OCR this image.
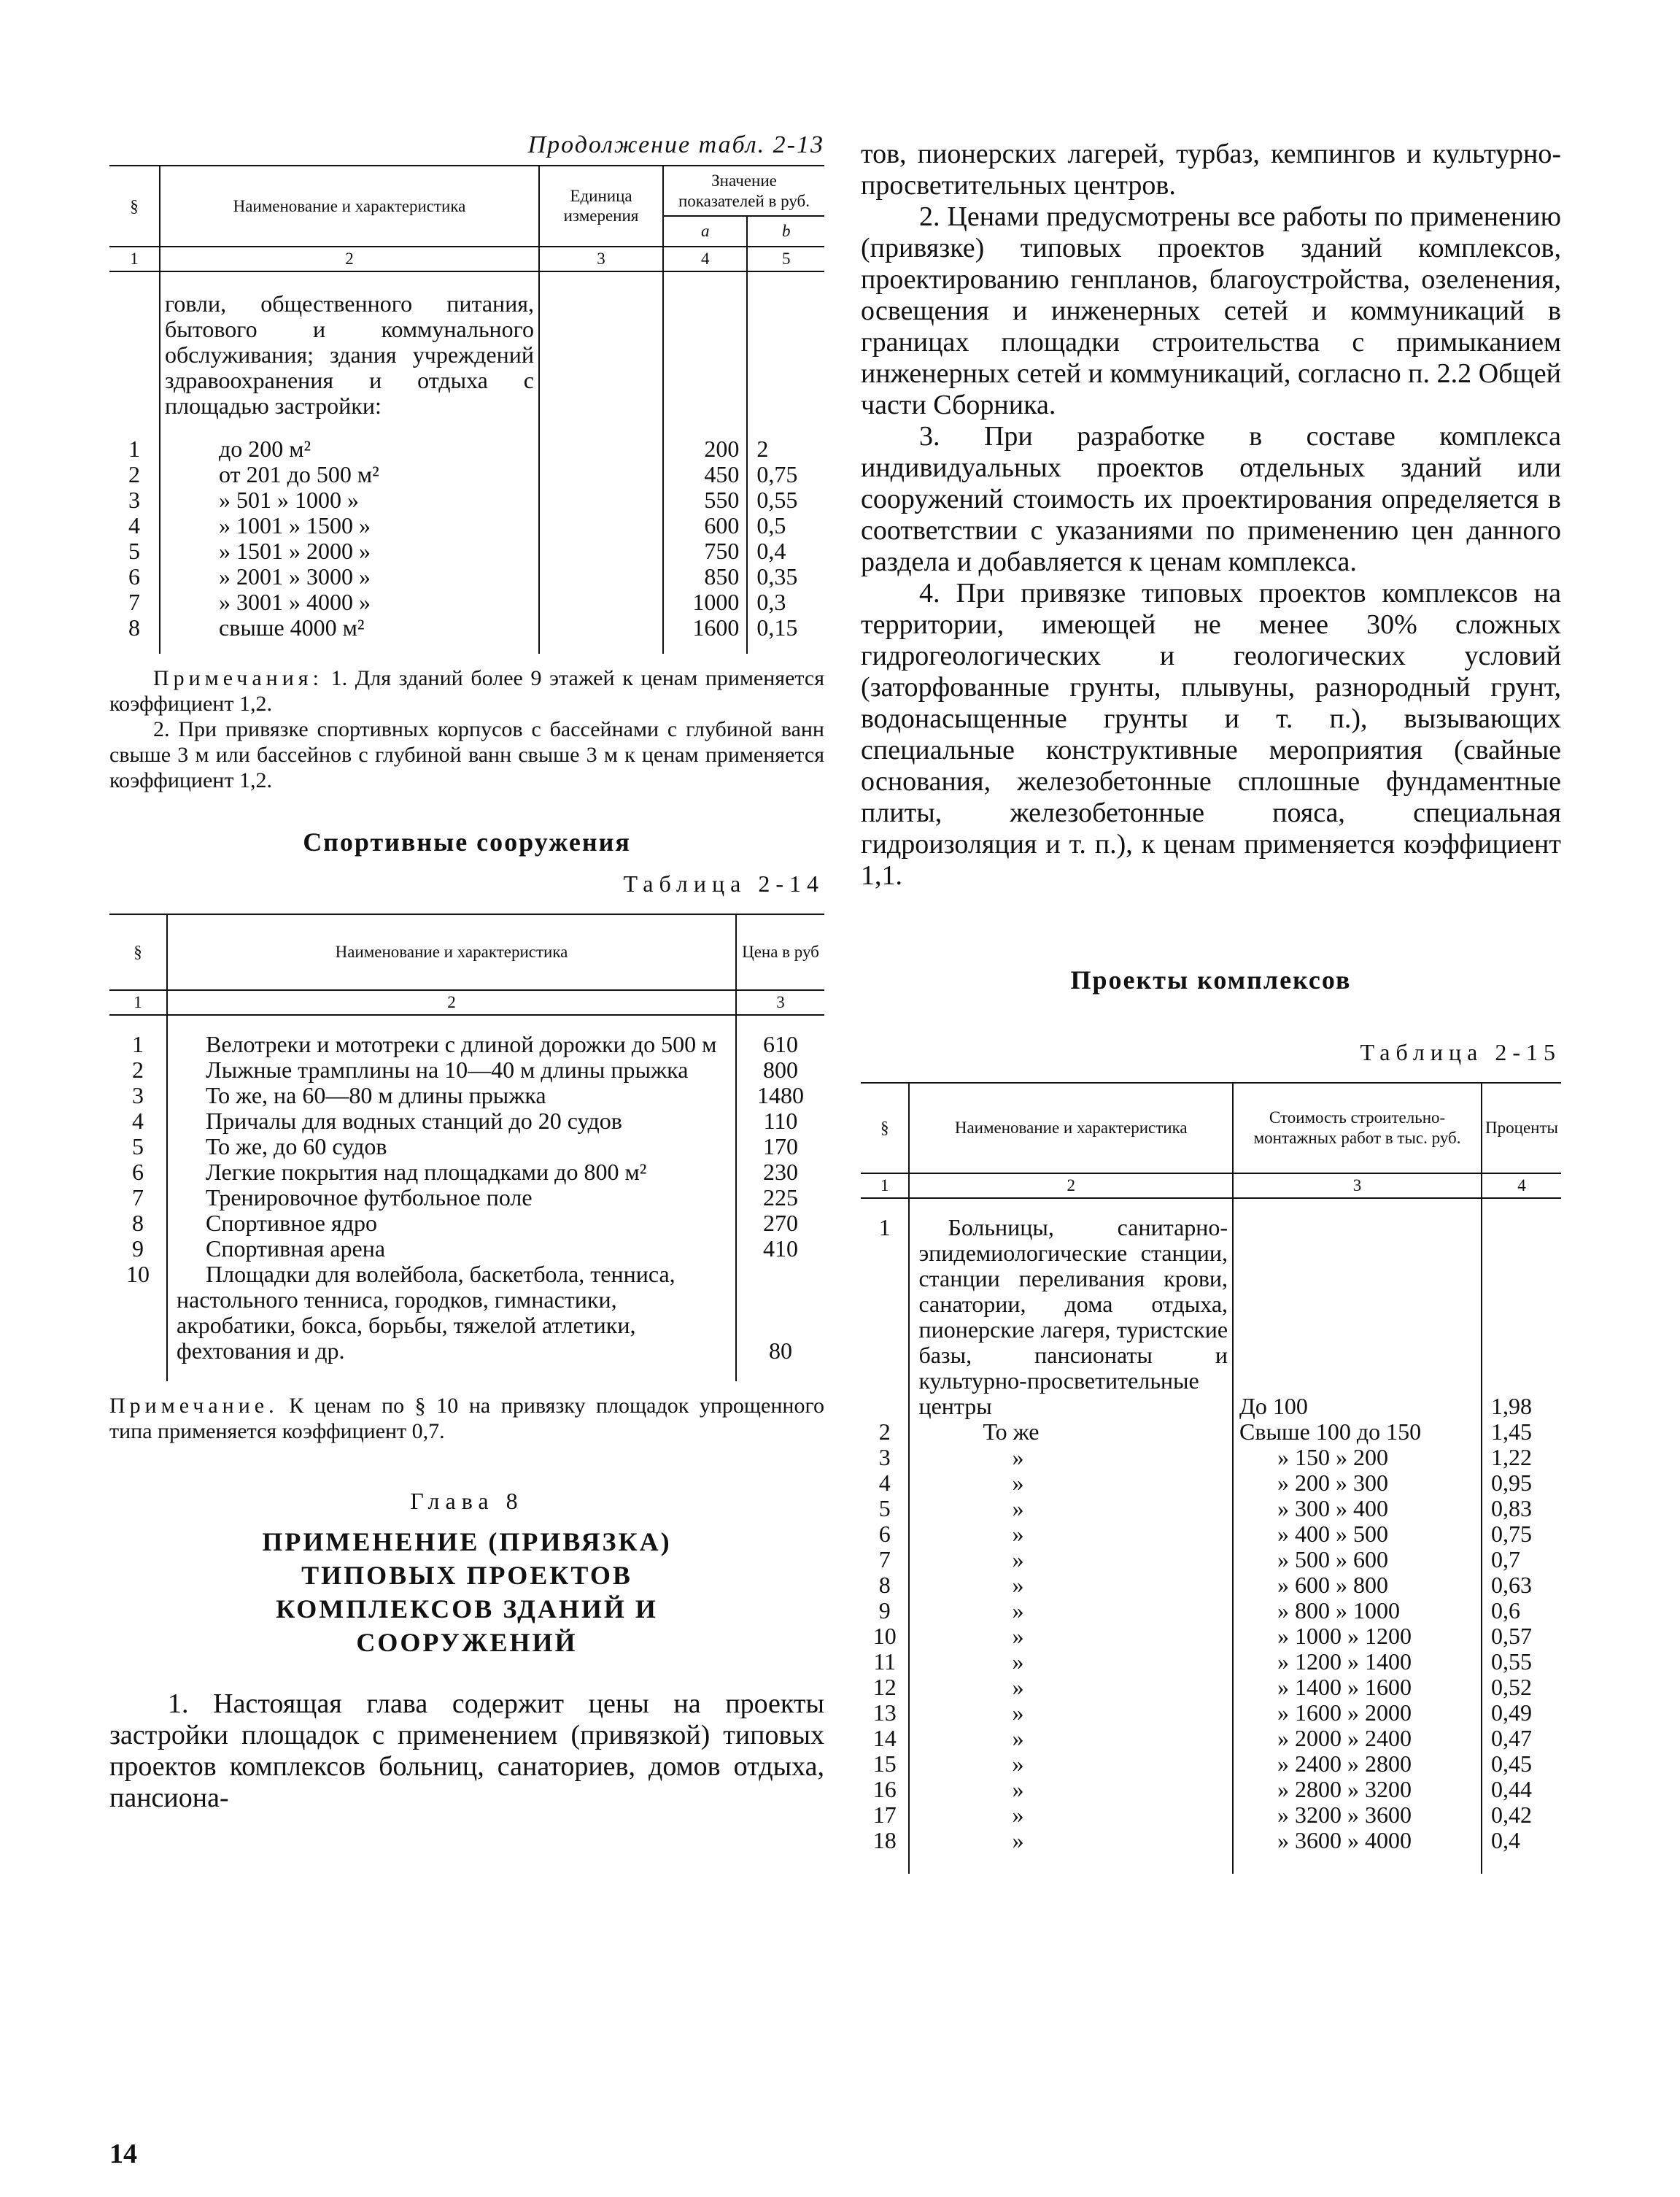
Продолжение табл. 2-13
§	Наименование и характеристика	Единица измерения	Значение показателей в руб.	
			a	b
1	2	3	4	5
	говли, общественного питания, бытового и коммунального обслуживания; здания учреждений здравоохранения и отдыха с площадью застройки:			
1	до 200 м²		200	2
2	от 201 до 500 м²		450	0,75
3	» 501 » 1000 »		550	0,55
4	» 1001 » 1500 »		600	0,5
5	» 1501 » 2000 »		750	0,4
6	» 2001 » 3000 »		850	0,35
7	» 3001 » 4000 »		1000	0,3
8	свыше 4000 м²		1600	0,15
Примечания: 1. Для зданий более 9 этажей к ценам применяется коэффициент 1,2.
2. При привязке спортивных корпусов с бассейнами с глубиной ванн свыше 3 м или бассейнов с глубиной ванн свыше 3 м к ценам применяется коэффициент 1,2.
Спортивные сооружения
Таблица 2-14
§	Наименование и характеристика	Цена в руб
1	2	3
1	Велотреки и мототреки с длиной дорожки до 500 м	610
2	Лыжные трамплины на 10—40 м длины прыжка	800
3	То же, на 60—80 м длины прыжка	1480
4	Причалы для водных станций до 20 судов	110
5	То же, до 60 судов	170
6	Легкие покрытия над площадками до 800 м²	230
7	Тренировочное футбольное поле	225
8	Спортивное ядро	270
9	Спортивная арена	410
10	Площадки для волейбола, баскетбола, тенниса, настольного тенниса, городков, гимнастики, акробатики, бокса, борьбы, тяжелой атлетики, фехтования и др.	80
Примечание. К ценам по § 10 на привязку площадок упрощенного типа применяется коэффициент 0,7.
Глава 8
ПРИМЕНЕНИЕ (ПРИВЯЗКА) ТИПОВЫХ ПРОЕКТОВ КОМПЛЕКСОВ ЗДАНИЙ И СООРУЖЕНИЙ
1. Настоящая глава содержит цены на проекты застройки площадок с применением (привязкой) типовых проектов комплексов больниц, санаториев, домов отдыха, пансиона-
тов, пионерских лагерей, турбаз, кемпингов и культурно-просветительных центров.
2. Ценами предусмотрены все работы по применению (привязке) типовых проектов зданий комплексов, проектированию генпланов, благоустройства, озеленения, освещения и инженерных сетей и коммуникаций в границах площадки строительства с примыканием инженерных сетей и коммуникаций, согласно п. 2.2 Общей части Сборника.
3. При разработке в составе комплекса индивидуальных проектов отдельных зданий или сооружений стоимость их проектирования определяется в соответствии с указаниями по применению цен данного раздела и добавляется к ценам комплекса.
4. При привязке типовых проектов комплексов на территории, имеющей не менее 30% сложных гидрогеологических и геологических условий (заторфованные грунты, плывуны, разнородный грунт, водонасыщенные грунты и т. п.), вызывающих специальные конструктивные мероприятия (свайные основания, железобетонные сплошные фундаментные плиты, железобетонные пояса, специальная гидроизоляция и т. п.), к ценам применяется коэффициент 1,1.
Проекты комплексов
Таблица 2-15
§	Наименование и характеристика	Стоимость строительно-монтажных работ в тыс. руб.	Проценты
1	2	3	4
1	Больницы, санитарно-эпидемиологические станции, станции переливания крови, санатории, дома отдыха, пионерские лагеря, туристские базы, пансионаты и культурно-просветительные центры	До 100	1,98
2	То же	Свыше 100 до 150	1,45
3	»	» 150 » 200	1,22
4	»	» 200 » 300	0,95
5	»	» 300 » 400	0,83
6	»	» 400 » 500	0,75
7	»	» 500 » 600	0,7
8	»	» 600 » 800	0,63
9	»	» 800 » 1000	0,6
10	»	» 1000 » 1200	0,57
11	»	» 1200 » 1400	0,55
12	»	» 1400 » 1600	0,52
13	»	» 1600 » 2000	0,49
14	»	» 2000 » 2400	0,47
15	»	» 2400 » 2800	0,45
16	»	» 2800 » 3200	0,44
17	»	» 3200 » 3600	0,42
18	»	» 3600 » 4000	0,4
14
